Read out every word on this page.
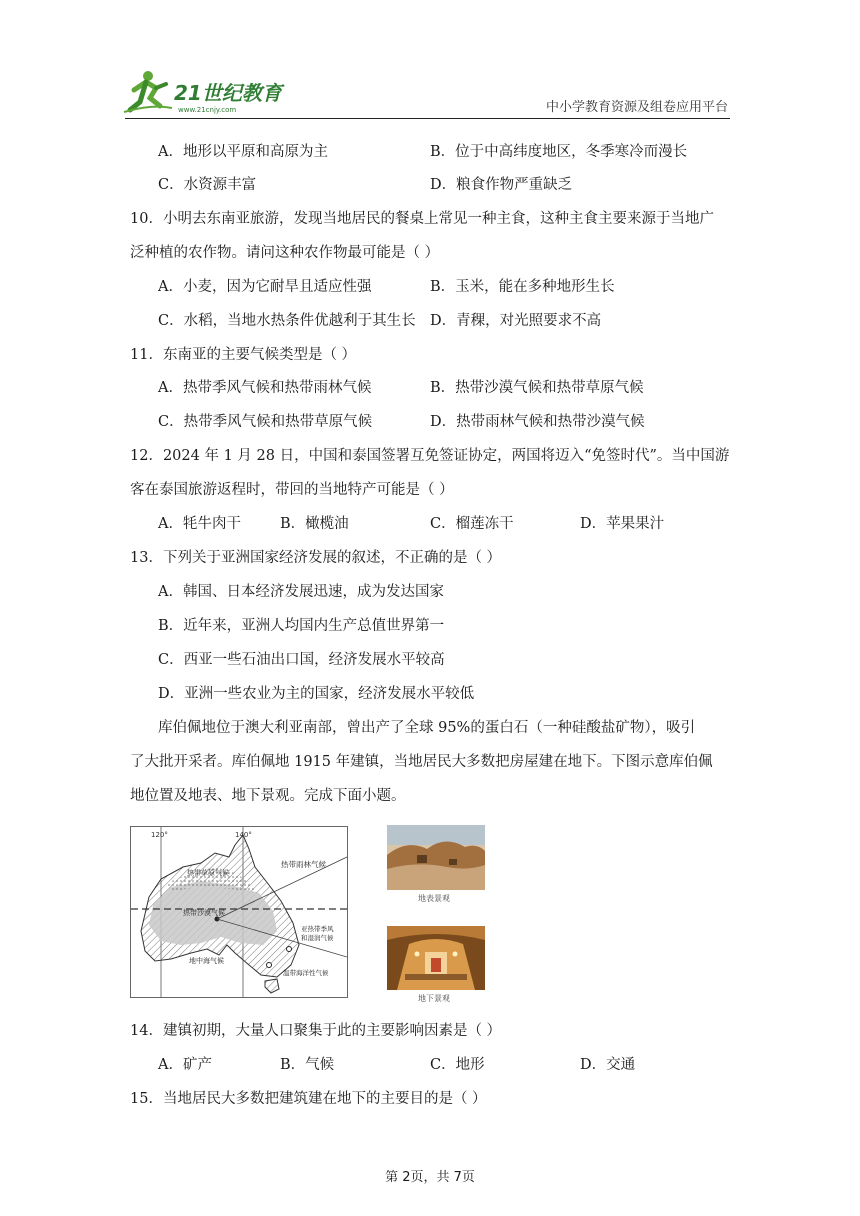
21世纪教育
www.21cnjy.com	中小学教育资源及组卷应用平台
A．地形以平原和高原为主	B．位于中高纬度地区，冬季寒冷而漫长
C．水资源丰富	D．粮食作物严重缺乏
10．小明去东南亚旅游，发现当地居民的餐桌上常见一种主食，这种主食主要来源于当地广
泛种植的农作物。请问这种农作物最可能是（ ）
A．小麦，因为它耐旱且适应性强	B．玉米，能在多种地形生长
C．水稻，当地水热条件优越利于其生长 D．青稞，对光照要求不高
11．东南亚的主要气候类型是（ ）
A．热带季风气候和热带雨林气候	B．热带沙漠气候和热带草原气候
C．热带季风气候和热带草原气候	D．热带雨林气候和热带沙漠气候
12．2024 年 1 月 28 日，中国和泰国签署互免签证协定，两国将迈入“免签时代”。当中国游
客在泰国旅游返程时，带回的当地特产可能是（ ）
A．牦牛肉干	B．橄榄油	C．榴莲冻干	D．苹果果汁
13．下列关于亚洲国家经济发展的叙述，不正确的是（ ）
A．韩国、日本经济发展迅速，成为发达国家
B．近年来，亚洲人均国内生产总值世界第一
C．西亚一些石油出口国，经济发展水平较高
D．亚洲一些农业为主的国家，经济发展水平较低
库伯佩地位于澳大利亚南部，曾出产了全球 95%的蛋白石（一种硅酸盐矿物），吸引
了大批开采者。库伯佩地 1915 年建镇，当地居民大多数把房屋建在地下。下图示意库伯佩
地位置及地表、地下景观。完成下面小题。
120°	140°
热带雨林气候
热带草原气候
热带沙漠气候
亚热带季风
和湿润气候
地中海气候
温带海洋性气候
地表景观
地下景观
14．建镇初期，大量人口聚集于此的主要影响因素是（ ）
A．矿产	B．气候	C．地形	D．交通
15．当地居民大多数把建筑建在地下的主要目的是（ ）
第 2页，共 7页
